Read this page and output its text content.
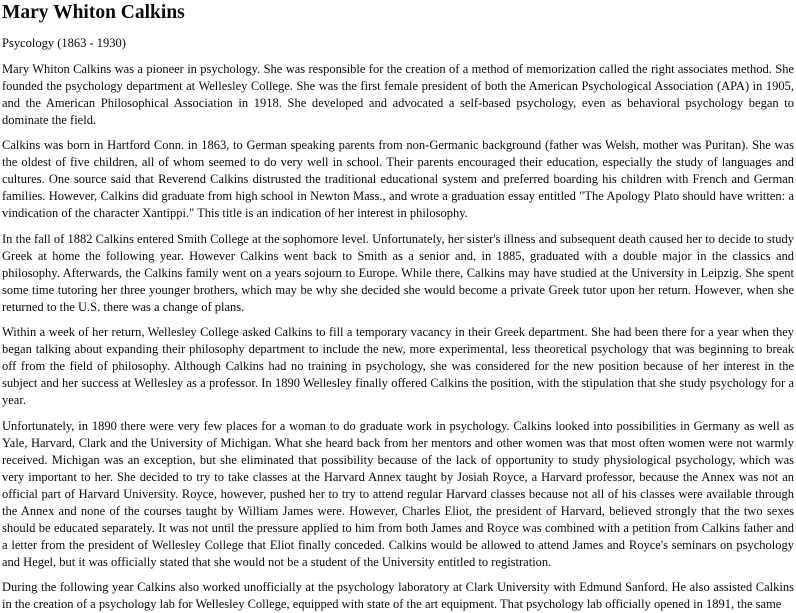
Mary Whiton Calkins

Psycology (1863 - 1930)

Mary Whiton Calkins was a pioneer in psychology. She was responsible for the creation of a method of memorization called the right associates method. She founded the psychology department at Wellesley College. She was the first female president of both the American Psychological Association (APA) in 1905, and the American Philosophical Association in 1918. She developed and advocated a self-based psychology, even as behavioral psychology began to dominate the field.

Calkins was born in Hartford Conn. in 1863, to German speaking parents from non-Germanic background (father was Welsh, mother was Puritan). She was the oldest of five children, all of whom seemed to do very well in school. Their parents encouraged their education, especially the study of languages and cultures. One source said that Reverend Calkins distrusted the traditional educational system and preferred boarding his children with French and German families. However, Calkins did graduate from high school in Newton Mass., and wrote a graduation essay entitled "The Apology Plato should have written: a vindication of the character Xantippi." This title is an indication of her interest in philosophy.

In the fall of 1882 Calkins entered Smith College at the sophomore level. Unfortunately, her sister's illness and subsequent death caused her to decide to study Greek at home the following year. However Calkins went back to Smith as a senior and, in 1885, graduated with a double major in the classics and philosophy. Afterwards, the Calkins family went on a years sojourn to Europe. While there, Calkins may have studied at the University in Leipzig. She spent some time tutoring her three younger brothers, which may be why she decided she would become a private Greek tutor upon her return. However, when she returned to the U.S. there was a change of plans.

Within a week of her return, Wellesley College asked Calkins to fill a temporary vacancy in their Greek department. She had been there for a year when they began talking about expanding their philosophy department to include the new, more experimental, less theoretical psychology that was beginning to break off from the field of philosophy. Although Calkins had no training in psychology, she was considered for the new position because of her interest in the subject and her success at Wellesley as a professor. In 1890 Wellesley finally offered Calkins the position, with the stipulation that she study psychology for a year.

Unfortunately, in 1890 there were very few places for a woman to do graduate work in psychology. Calkins looked into possibilities in Germany as well as Yale, Harvard, Clark and the University of Michigan. What she heard back from her mentors and other women was that most often women were not warmly received. Michigan was an exception, but she eliminated that possibility because of the lack of opportunity to study physiological psychology, which was very important to her. She decided to try to take classes at the Harvard Annex taught by Josiah Royce, a Harvard professor, because the Annex was not an official part of Harvard University. Royce, however, pushed her to try to attend regular Harvard classes because not all of his classes were available through the Annex and none of the courses taught by William James were. However, Charles Eliot, the president of Harvard, believed strongly that the two sexes should be educated separately. It was not until the pressure applied to him from both James and Royce was combined with a petition from Calkins father and a letter from the president of Wellesley College that Eliot finally conceded. Calkins would be allowed to attend James and Royce's seminars on psychology and Hegel, but it was officially stated that she would not be a student of the University entitled to registration.

During the following year Calkins also worked unofficially at the psychology laboratory at Clark University with Edmund Sanford. He also assisted Calkins in the creation of a psychology lab for Wellesley College, equipped with state of the art equipment. That psychology lab officially opened in 1891, the same
